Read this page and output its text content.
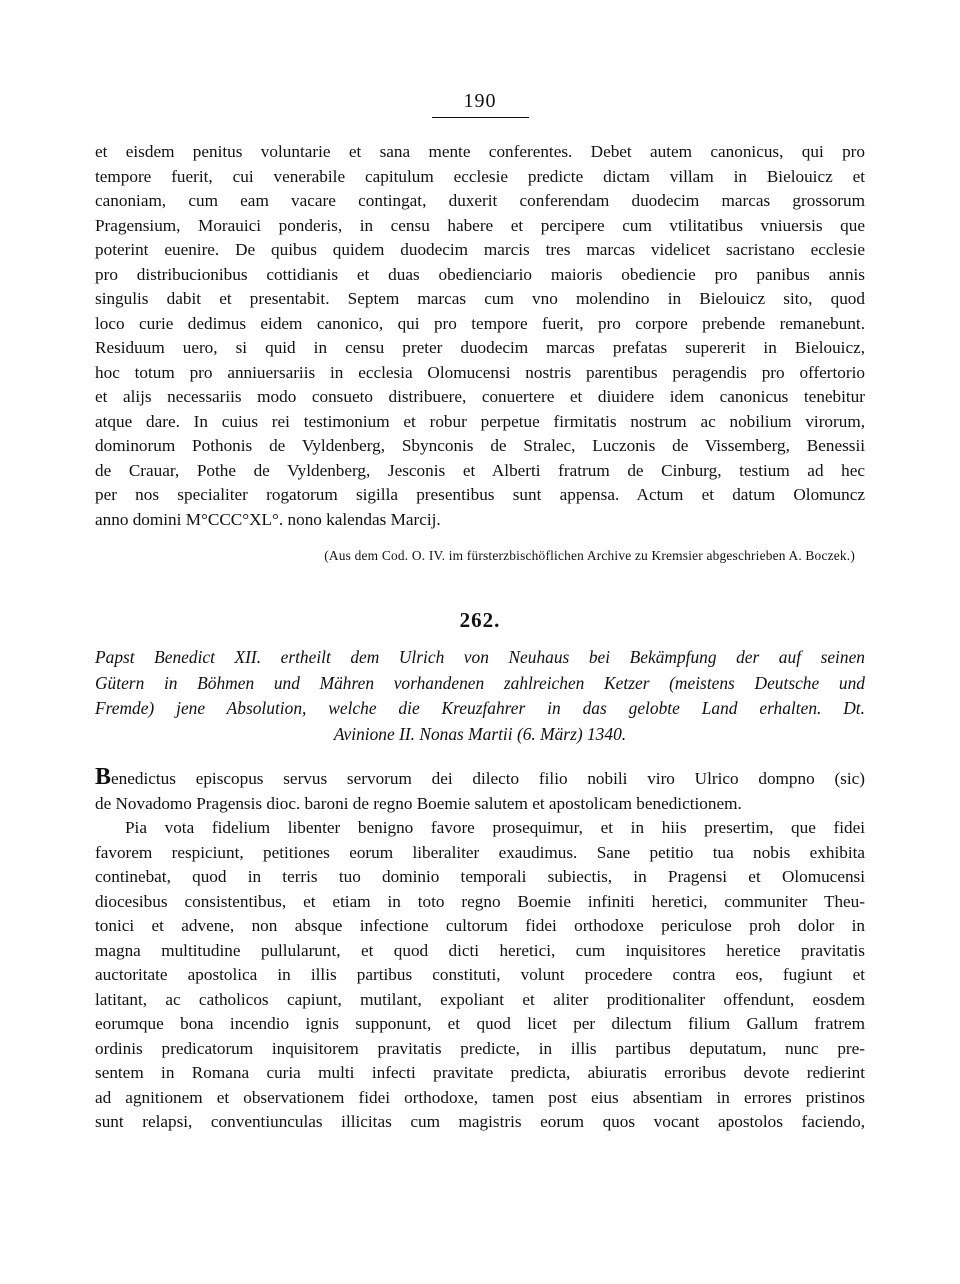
190
et eisdem penitus voluntarie et sana mente conferentes. Debet autem canonicus, qui pro
tempore fuerit, cui venerabile capitulum ecclesie predicte dictam villam in Bielouicz et
canoniam, cum eam vacare contingat, duxerit conferendam duodecim marcas grossorum
Pragensium, Morauici ponderis, in censu habere et percipere cum vtilitatibus vniuersis que
poterint euenire. De quibus quidem duodecim marcis tres marcas videlicet sacristano ecclesie
pro distribucionibus cottidianis et duas obedienciario maioris obediencie pro panibus annis
singulis dabit et presentabit. Septem marcas cum vno molendino in Bielouicz sito, quod
loco curie dedimus eidem canonico, qui pro tempore fuerit, pro corpore prebende remanebunt.
Residuum uero, si quid in censu preter duodecim marcas prefatas supererit in Bielouicz,
hoc totum pro anniuersariis in ecclesia Olomucensi nostris parentibus peragendis pro offertorio
et alijs necessariis modo consueto distribuere, conuertere et diuidere idem canonicus tenebitur
atque dare. In cuius rei testimonium et robur perpetue firmitatis nostrum ac nobilium virorum,
dominorum Pothonis de Vyldenberg, Sbynconis de Stralec, Luczonis de Vissemberg, Benessii
de Crauar, Pothe de Vyldenberg, Jesconis et Alberti fratrum de Cinburg, testium ad hec
per nos specialiter rogatorum sigilla presentibus sunt appensa. Actum et datum Olomuncz
anno domini M°CCC°XL°. nono kalendas Marcij.
(Aus dem Cod. O. IV. im fürsterzbischöflichen Archive zu Kremsier abgeschrieben A. Boczek.)
262.
Papst Benedict XII. ertheilt dem Ulrich von Neuhaus bei Bekämpfung der auf seinen
Gütern in Böhmen und Mähren vorhandenen zahlreichen Ketzer (meistens Deutsche und
Fremde) jene Absolution, welche die Kreuzfahrer in das gelobte Land erhalten. Dt.
Avinione II. Nonas Martii (6. März) 1340.
Benedictus episcopus servus servorum dei dilecto filio nobili viro Ulrico dompno (sic)
de Novadomo Pragensis dioc. baroni de regno Boemie salutem et apostolicam benedictionem.
Pia vota fidelium libenter benigno favore prosequimur, et in hiis presertim, que fidei
favorem respiciunt, petitiones eorum liberaliter exaudimus. Sane petitio tua nobis exhibita
continebat, quod in terris tuo dominio temporali subiectis, in Pragensi et Olomucensi
diocesibus consistentibus, et etiam in toto regno Boemie infiniti heretici, communiter Theu-
tonici et advene, non absque infectione cultorum fidei orthodoxe periculose proh dolor in
magna multitudine pullularunt, et quod dicti heretici, cum inquisitores heretice pravitatis
auctoritate apostolica in illis partibus constituti, volunt procedere contra eos, fugiunt et
latitant, ac catholicos capiunt, mutilant, expoliant et aliter proditionaliter offendunt, eosdem
eorumque bona incendio ignis supponunt, et quod licet per dilectum filium Gallum fratrem
ordinis predicatorum inquisitorem pravitatis predicte, in illis partibus deputatum, nunc pre-
sentem in Romana curia multi infecti pravitate predicta, abiuratis erroribus devote redierint
ad agnitionem et observationem fidei orthodoxe, tamen post eius absentiam in errores pristinos
sunt relapsi, conventiunculas illicitas cum magistris eorum quos vocant apostolos faciendo,
